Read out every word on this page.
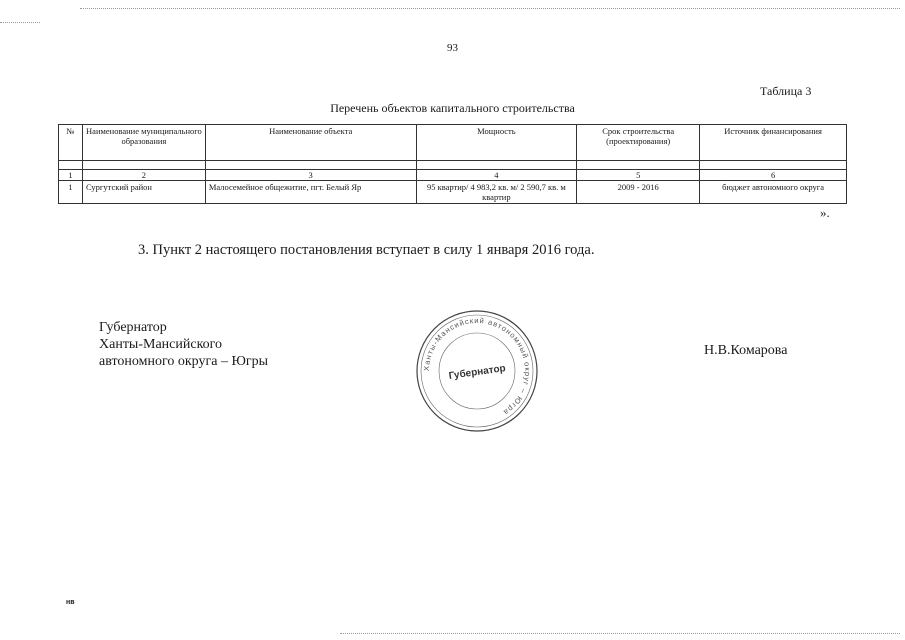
93
Таблица 3
Перечень объектов капитального строительства
№	Наименование муниципального образования	Наименование объекта	Мощность	Срок строительства (проектирования)	Источник финансирования

1	2	3	4	5	6
1	Сургутский район	Малосемейное общежитие, пгт. Белый Яр	95 квартир/ 4 983,2 кв. м/ 2 590,7 кв. м квартир	2009 - 2016	бюджет автономного округа
».
3. Пункт 2 настоящего постановления вступает в силу 1 января 2016 года.
Губернатор
Ханты-Мансийского
автономного округа – Югры	Ханты-Мансийский автономный округ – Югра
Губернатор
Н.В.Комарова
нв
